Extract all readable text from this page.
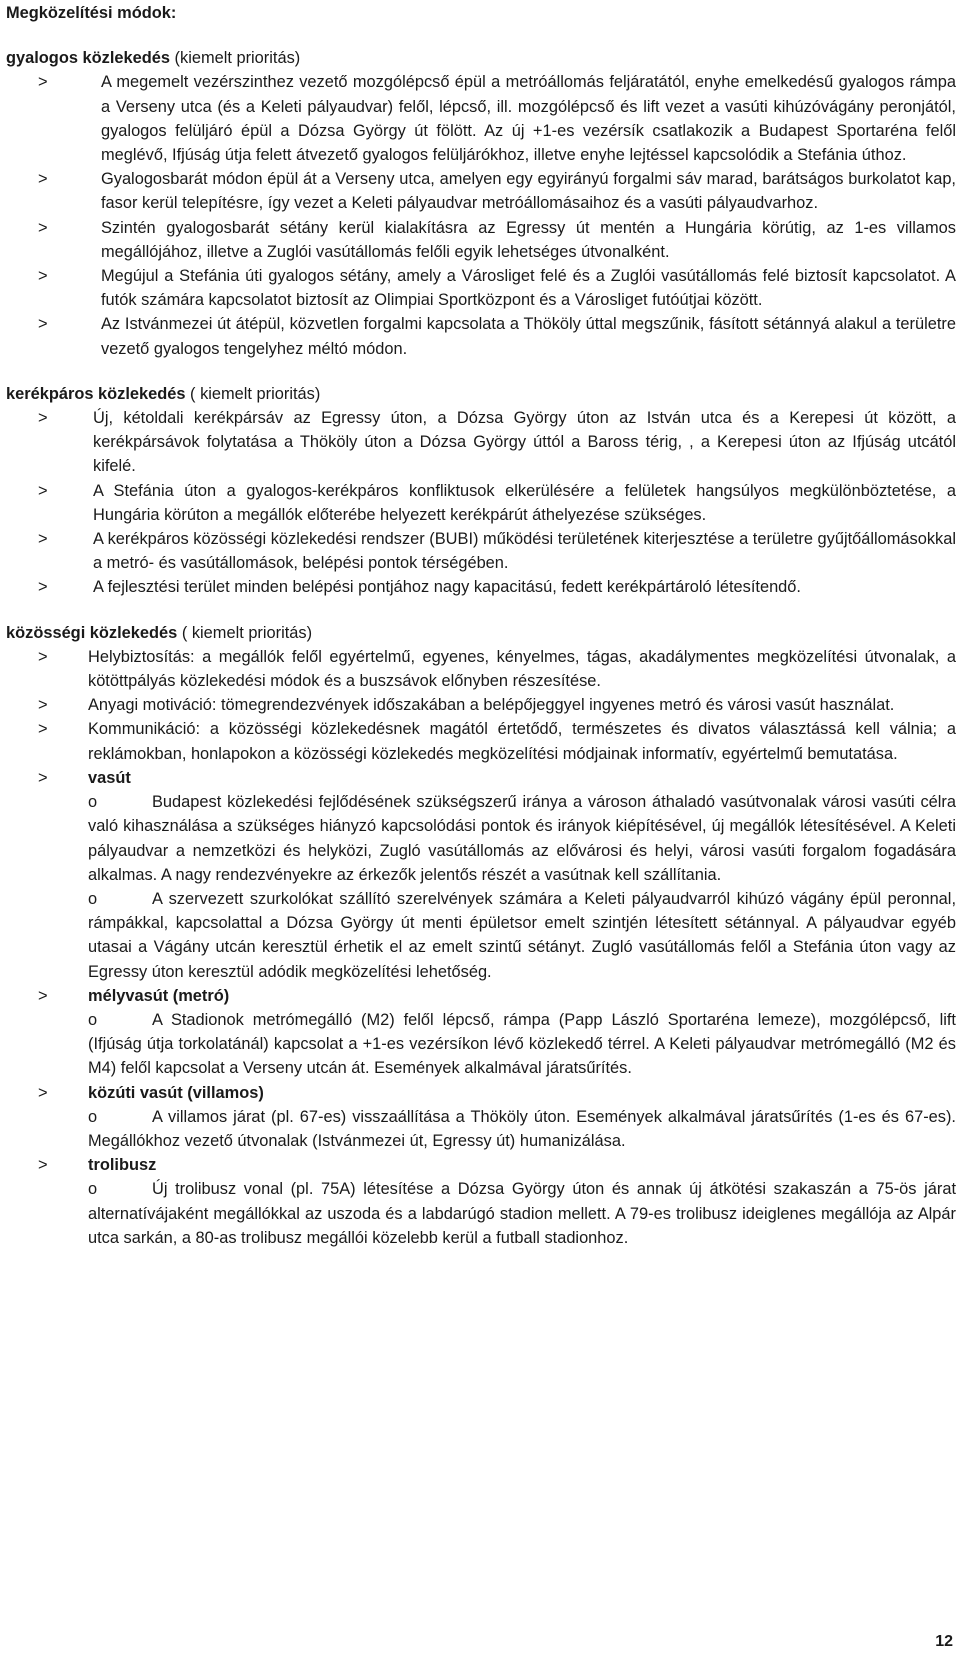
Megközelítési módok:
gyalogos közlekedés (kiemelt prioritás)

>	A megemelt vezérszinthez vezető mozgólépcső épül a metróállomás feljáratától, enyhe emelkedésű gyalogos rámpa a Verseny utca (és a Keleti pályaudvar) felől, lépcső, ill. mozgólépcső és lift vezet a vasúti kihúzóvágány peronjától, gyalogos felüljáró épül a Dózsa György út fölött. Az új +1-es vezérsík csatlakozik a Budapest Sportaréna felől meglévő, Ifjúság útja felett átvezető gyalogos felüljárókhoz, illetve enyhe lejtéssel kapcsolódik a Stefánia úthoz.

>	Gyalogosbarát módon épül át a Verseny utca, amelyen egy egyirányú forgalmi sáv marad, barátságos burkolatot kap, fasor kerül telepítésre, így vezet a Keleti pályaudvar metróállomásaihoz és a vasúti pályaudvarhoz.

>	Szintén gyalogosbarát sétány kerül kialakításra az Egressy út mentén a Hungária körútig, az 1-es villamos megállójához, illetve a Zuglói vasútállomás felőli egyik lehetséges útvonalként.

>	Megújul a Stefánia úti gyalogos sétány, amely a Városliget felé és a Zuglói vasútállomás felé biztosít kapcsolatot. A futók számára kapcsolatot biztosít az Olimpiai Sportközpont és a Városliget futóútjai között.

>	Az Istvánmezei út átépül, közvetlen forgalmi kapcsolata a Thököly úttal megszűnik, fásított sétánnyá alakul a területre vezető gyalogos tengelyhez méltó módon.

kerékpáros közlekedés ( kiemelt prioritás)

>	Új, kétoldali kerékpársáv az Egressy úton, a Dózsa György úton az István utca és a Kerepesi út között, a kerékpársávok folytatása a Thököly úton a Dózsa György úttól a Baross térig, , a Kerepesi úton az Ifjúság utcától kifelé.

>	A Stefánia úton a gyalogos-kerékpáros konfliktusok elkerülésére a felületek hangsúlyos megkülönböztetése, a Hungária körúton a megállók előterébe helyezett kerékpárút áthelyezése szükséges.

>	A kerékpáros közösségi közlekedési rendszer (BUBI) működési területének kiterjesztése a területre gyűjtőállomásokkal a metró- és vasútállomások, belépési pontok térségében.

>	A fejlesztési terület minden belépési pontjához nagy kapacitású, fedett kerékpártároló létesítendő.

közösségi közlekedés ( kiemelt prioritás)

> Helybiztosítás: a megállók felől egyértelmű, egyenes, kényelmes, tágas, akadálymentes megközelítési útvonalak, a kötöttpályás közlekedési módok és a buszsávok előnyben részesítése.

> Anyagi motiváció: tömegrendezvények időszakában a belépőjeggyel ingyenes metró és városi vasút használat.

> Kommunikáció: a közösségi közlekedésnek magától értetődő, természetes és divatos választássá kell válnia; a reklámokban, honlapokon a közösségi közlekedés megközelítési módjainak informatív, egyértelmű bemutatása.

> vasút

o	Budapest közlekedési fejlődésének szükségszerű iránya a városon áthaladó vasútvonalak városi vasúti célra való kihasználása a szükséges hiányzó kapcsolódási pontok és irányok kiépítésével, új megállók létesítésével. A Keleti pályaudvar a nemzetközi és helyközi, Zugló vasútállomás az elővárosi és helyi, városi vasúti forgalom fogadására alkalmas. A nagy rendezvényekre az érkezők jelentős részét a vasútnak kell szállítania.

o	A szervezett szurkolókat szállító szerelvények számára a Keleti pályaudvarról kihúzó vágány épül peronnal, rámpákkal, kapcsolattal a Dózsa György út menti épületsor emelt szintjén létesített sétánnyal. A pályaudvar egyéb utasai a Vágány utcán keresztül érhetik el az emelt szintű sétányt. Zugló vasútállomás felől a Stefánia úton vagy az Egressy úton keresztül adódik megközelítési lehetőség.

> mélyvasút (metró)

o	A Stadionok metrómegálló (M2) felől lépcső, rámpa (Papp László Sportaréna lemeze), mozgólépcső, lift (Ifjúság útja torkolatánál) kapcsolat a +1-es vezérsíkon lévő közlekedő térrel. A Keleti pályaudvar metrómegálló (M2 és M4) felől kapcsolat a Verseny utcán át. Események alkalmával járatsűrítés.

> közúti vasút (villamos)

o	A villamos járat (pl. 67-es) visszaállítása a Thököly úton. Események alkalmával járatsűrítés (1-es és 67-es). Megállókhoz vezető útvonalak (Istvánmezei út, Egressy út) humanizálása.

> trolibusz

o	Új trolibusz vonal (pl. 75A) létesítése a Dózsa György úton és annak új átkötési szakaszán a 75-ös járat alternatívájaként megállókkal az uszoda és a labdarúgó stadion mellett. A 79-es trolibusz ideiglenes megállója az Alpár utca sarkán, a 80-as trolibusz megállói közelebb kerül a futball stadionhoz.

12
